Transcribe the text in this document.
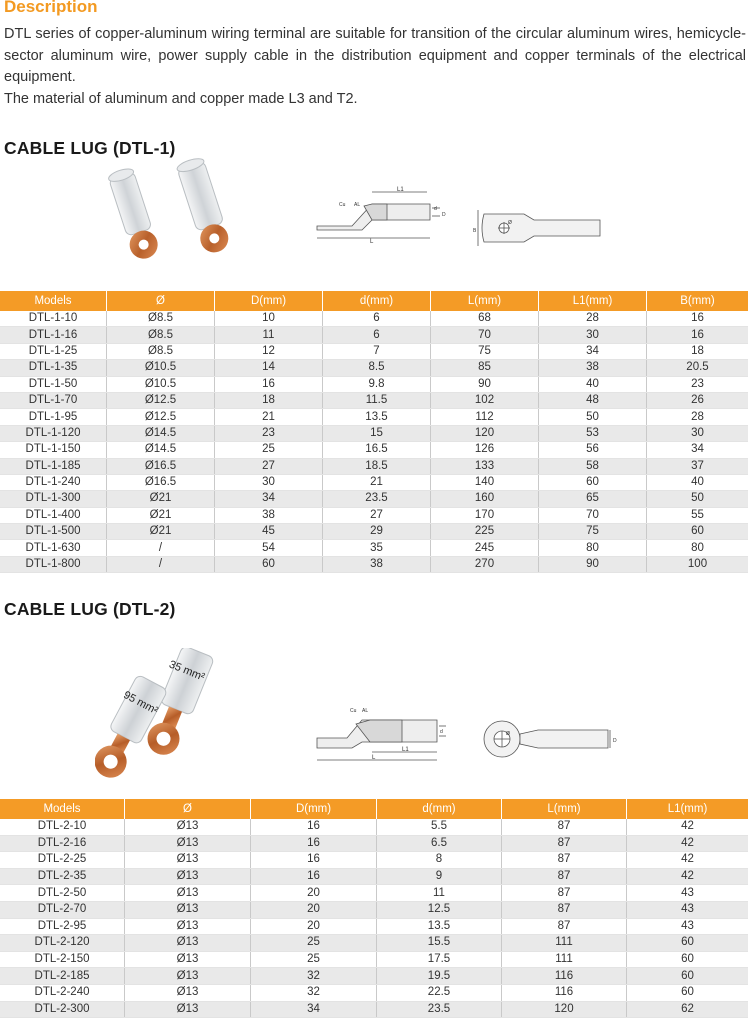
Description

DTL series of copper-aluminum wiring terminal are suitable for transition of the circular aluminum wires, hemicycle-sector aluminum wire, power supply cable in the distribution equipment and copper terminals of the electrical equipment.

The material of aluminum and copper made L3 and T2.

CABLE LUG (DTL-1)
L1
Cu AL
d
D
L
B
Ø
Models	Ø	D(mm)	d(mm)	L(mm)	L1(mm)	B(mm)
DTL-1-10	Ø8.5	10	6	68	28	16
DTL-1-16	Ø8.5	11	6	70	30	16
DTL-1-25	Ø8.5	12	7	75	34	18
DTL-1-35	Ø10.5	14	8.5	85	38	20.5
DTL-1-50	Ø10.5	16	9.8	90	40	23
DTL-1-70	Ø12.5	18	11.5	102	48	26
DTL-1-95	Ø12.5	21	13.5	112	50	28
DTL-1-120	Ø14.5	23	15	120	53	30
DTL-1-150	Ø14.5	25	16.5	126	56	34
DTL-1-185	Ø16.5	27	18.5	133	58	37
DTL-1-240	Ø16.5	30	21	140	60	40
DTL-1-300	Ø21	34	23.5	160	65	50
DTL-1-400	Ø21	38	27	170	70	55
DTL-1-500	Ø21	45	29	225	75	60
DTL-1-630	/	54	35	245	80	80
DTL-1-800	/	60	38	270	90	100
CABLE LUG (DTL-2)
35 mm²
95 mm²	Cu AL
d
L1
L
Ø
D
Models	Ø	D(mm)	d(mm)	L(mm)	L1(mm)
DTL-2-10	Ø13	16	5.5	87	42
DTL-2-16	Ø13	16	6.5	87	42
DTL-2-25	Ø13	16	8	87	42
DTL-2-35	Ø13	16	9	87	42
DTL-2-50	Ø13	20	11	87	43
DTL-2-70	Ø13	20	12.5	87	43
DTL-2-95	Ø13	20	13.5	87	43
DTL-2-120	Ø13	25	15.5	111	60
DTL-2-150	Ø13	25	17.5	111	60
DTL-2-185	Ø13	32	19.5	116	60
DTL-2-240	Ø13	32	22.5	116	60
DTL-2-300	Ø13	34	23.5	120	62
